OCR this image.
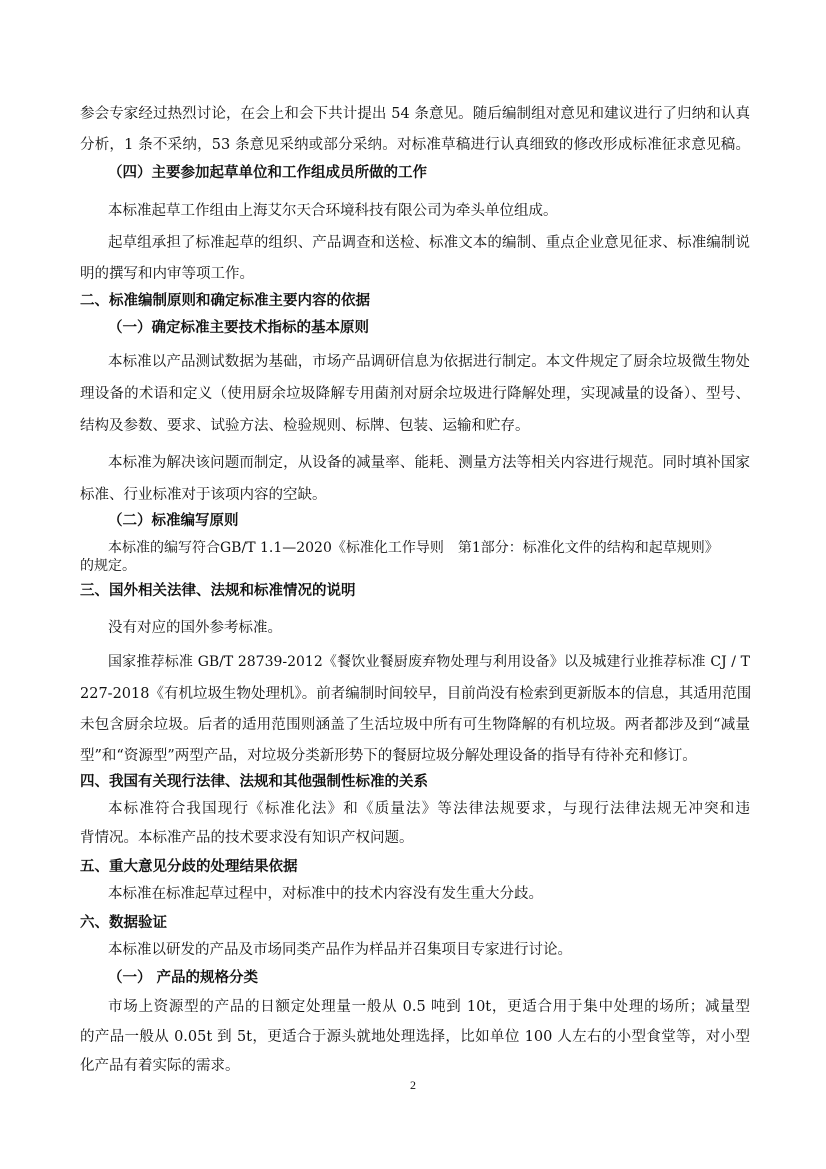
参会专家经过热烈讨论，在会上和会下共计提出 54 条意见。随后编制组对意见和建议进行了归纳和认真
分析，1 条不采纳，53 条意见采纳或部分采纳。对标准草稿进行认真细致的修改形成标准征求意见稿。
（四）主要参加起草单位和工作组成员所做的工作
本标准起草工作组由上海艾尔天合环境科技有限公司为牵头单位组成。
起草组承担了标准起草的组织、产品调查和送检、标准文本的编制、重点企业意见征求、标准编制说
明的撰写和内审等项工作。
二、标准编制原则和确定标准主要内容的依据
（一）确定标准主要技术指标的基本原则
本标准以产品测试数据为基础，市场产品调研信息为依据进行制定。本文件规定了厨余垃圾微生物处
理设备的术语和定义（使用厨余垃圾降解专用菌剂对厨余垃圾进行降解处理，实现减量的设备）、型号、
结构及参数、要求、试验方法、检验规则、标牌、包装、运输和贮存。
本标准为解决该问题而制定，从设备的减量率、能耗、测量方法等相关内容进行规范。同时填补国家
标准、行业标准对于该项内容的空缺。
（二）标准编写原则
本标准的编写符合GB/T 1.1—2020《标准化工作导则　第1部分：标准化文件的结构和起草规则》
的规定。
三、国外相关法律、法规和标准情况的说明
没有对应的国外参考标准。
国家推荐标准 GB/T 28739-2012《餐饮业餐厨废弃物处理与利用设备》以及城建行业推荐标准 CJ / T
227-2018《有机垃圾生物处理机》。前者编制时间较早，目前尚没有检索到更新版本的信息，其适用范围
未包含厨余垃圾。后者的适用范围则涵盖了生活垃圾中所有可生物降解的有机垃圾。两者都涉及到“减量
型”和“资源型”两型产品，对垃圾分类新形势下的餐厨垃圾分解处理设备的指导有待补充和修订。
四、我国有关现行法律、法规和其他强制性标准的关系
本标准符合我国现行《标准化法》和《质量法》等法律法规要求，与现行法律法规无冲突和违
背情况。本标准产品的技术要求没有知识产权问题。
五、重大意见分歧的处理结果依据
本标准在标准起草过程中，对标准中的技术内容没有发生重大分歧。
六、数据验证
本标准以研发的产品及市场同类产品作为样品并召集项目专家进行讨论。
（一） 产品的规格分类
市场上资源型的产品的日额定处理量一般从 0.5 吨到 10t，更适合用于集中处理的场所；减量型
的产品一般从 0.05t 到 5t，更适合于源头就地处理选择，比如单位 100 人左右的小型食堂等，对小型
化产品有着实际的需求。
2
